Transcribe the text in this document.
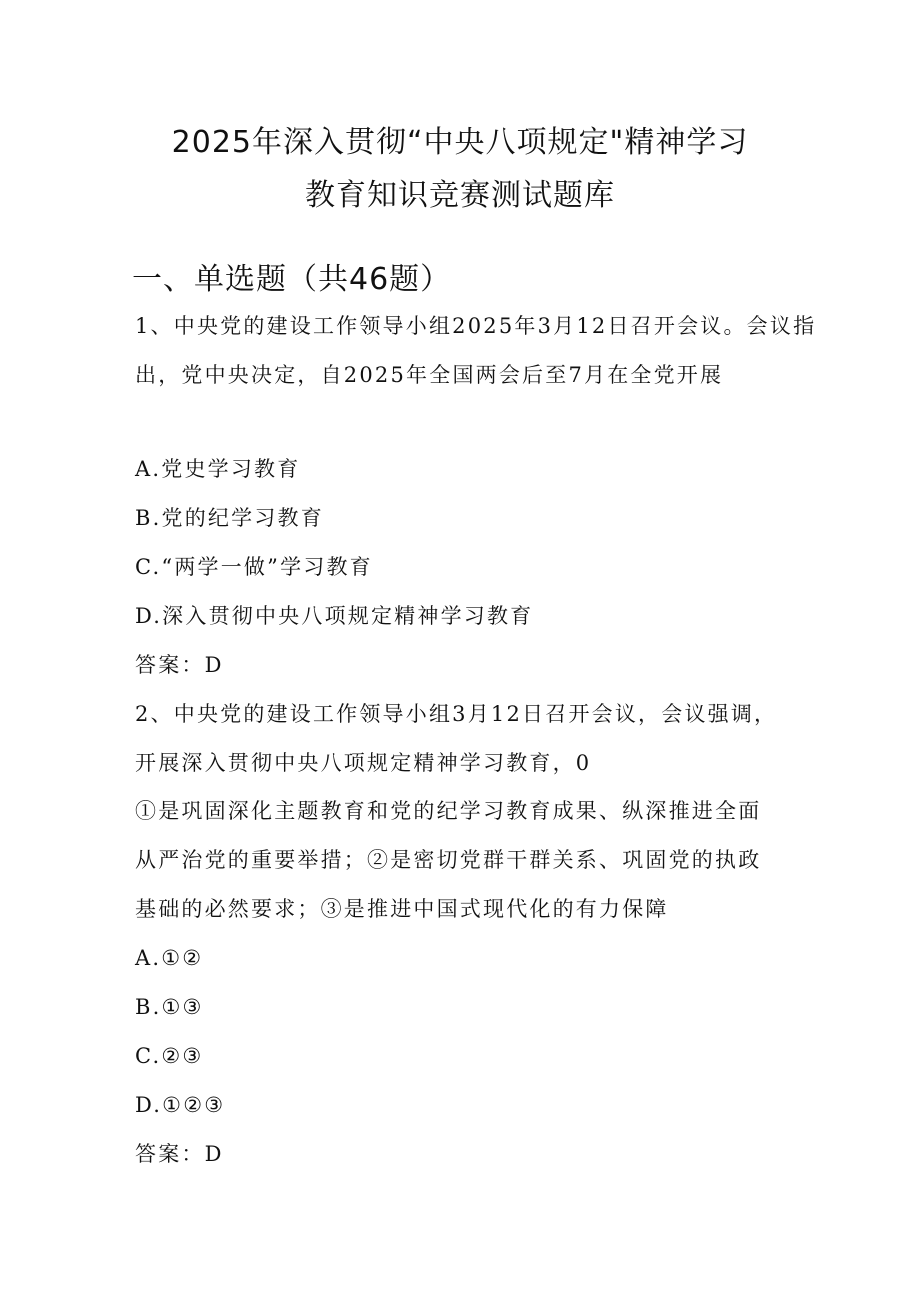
2025年深入贯彻“中央八项规定"精神学习
教育知识竞赛测试题库
一、单选题（共46题）
1、中央党的建设工作领导小组2025年3月12日召开会议。会议指
出，党中央决定，自2025年全国两会后至7月在全党开展
A.党史学习教育
B.党的纪学习教育
C.“两学一做”学习教育
D.深入贯彻中央八项规定精神学习教育
答案：D
2、中央党的建设工作领导小组3月12日召开会议，会议强调，
开展深入贯彻中央八项规定精神学习教育，0
①是巩固深化主题教育和党的纪学习教育成果、纵深推进全面
从严治党的重要举措；②是密切党群干群关系、巩固党的执政
基础的必然要求；③是推进中国式现代化的有力保障
A.①②
B.①③
C.②③
D.①②③
答案：D
